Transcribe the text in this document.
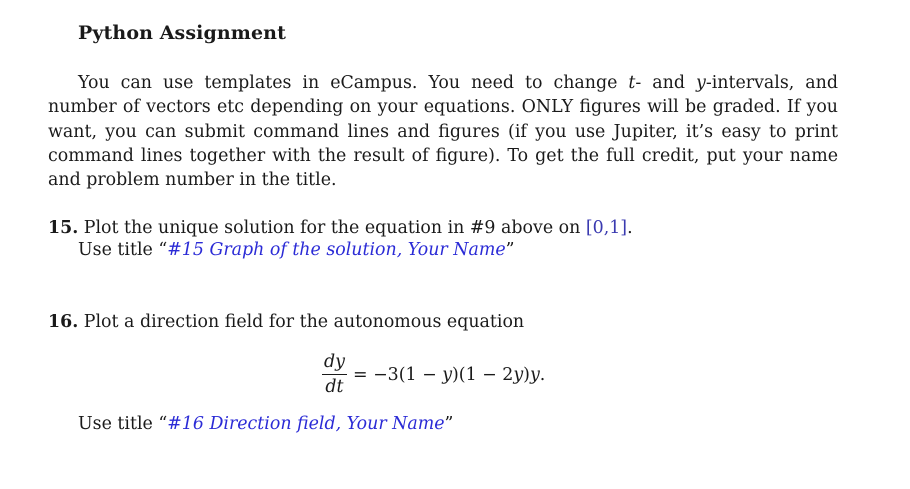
Python Assignment

You can use templates in eCampus. You need to change t- and y-intervals, and number of vectors etc depending on your equations. ONLY figures will be graded. If you want, you can submit command lines and figures (if you use Jupiter, it’s easy to print command lines together with the result of figure). To get the full credit, put your name and problem number in the title.

15. Plot the unique solution for the equation in #9 above on [0,1].
Use title “#15 Graph of the solution, Your Name”
16. Plot a direction field for the autonomous equation
$\frac{dy}{dt} = -3(1 - y)(1 - 2y)y$.
Use title “#16 Direction field, Your Name”
